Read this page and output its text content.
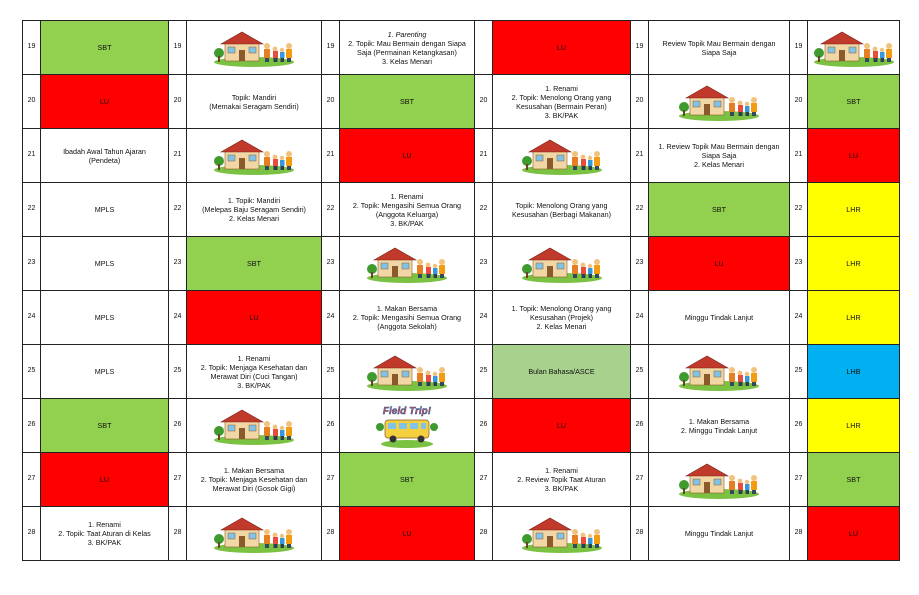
19	SBT	19		19	1. Parenting
2. Topik: Mau Bermain dengan Siapa
Saja (Permainan Ketangkasan)
3. Kelas Menari		LU	19	Review Topik Mau Bermain dengan
Siapa Saja	19	

20	LU	20	Topik: Mandiri
(Memakai Seragam Sendiri)	20	SBT	20	1. Renami
2. Topik: Menolong Orang yang
Kesusahan (Bermain Peran)
3. BK/PAK	20		20	SBT

21	Ibadah Awal Tahun Ajaran
(Pendeta)	21		21	LU	21		21	1. Review Topik Mau Bermain dengan
Siapa Saja
2. Kelas Menari	21	LU

22	MPLS	22	1. Topik: Mandiri
(Melepas Baju Seragam Sendiri)
2. Kelas Menari	22	1. Renami
2. Topik: Mengasihi Semua Orang
(Anggota Keluarga)
3. BK/PAK	22	Topik: Menolong Orang yang
Kesusahan (Berbagi Makanan)	22	SBT	22	LHR

23	MPLS	23	SBT	23		23		23	LU	23	LHR

24	MPLS	24	LU	24	1. Makan Bersama
2. Topik: Mengasihi Semua Orang
(Anggota Sekolah)	24	1. Topik: Menolong Orang yang
Kesusahan (Projek)
2. Kelas Menari	24	Minggu Tindak Lanjut	24	LHR

25	MPLS	25	1. Renami
2. Topik: Menjaga Kesehatan dan
Merawat Diri (Cuci Tangan)
3. BK/PAK	25		25	Bulan Bahasa/ASCE	25		25	LHB

26	SBT	26		26	Field Trip!	26	LU	26	1. Makan Bersama
2. Minggu Tindak Lanjut	26	LHR

27	LU	27	1. Makan Bersama
2. Topik: Menjaga Kesehatan dan
Merawat Diri (Gosok Gigi)	27	SBT	27	1. Renami
2. Review Topik Taat Aturan
3. BK/PAK	27		27	SBT

28	1. Renami
2. Topik: Taat Aturan di Kelas
3. BK/PAK	28		28	LU	28		28	Minggu Tindak Lanjut	28	LU
